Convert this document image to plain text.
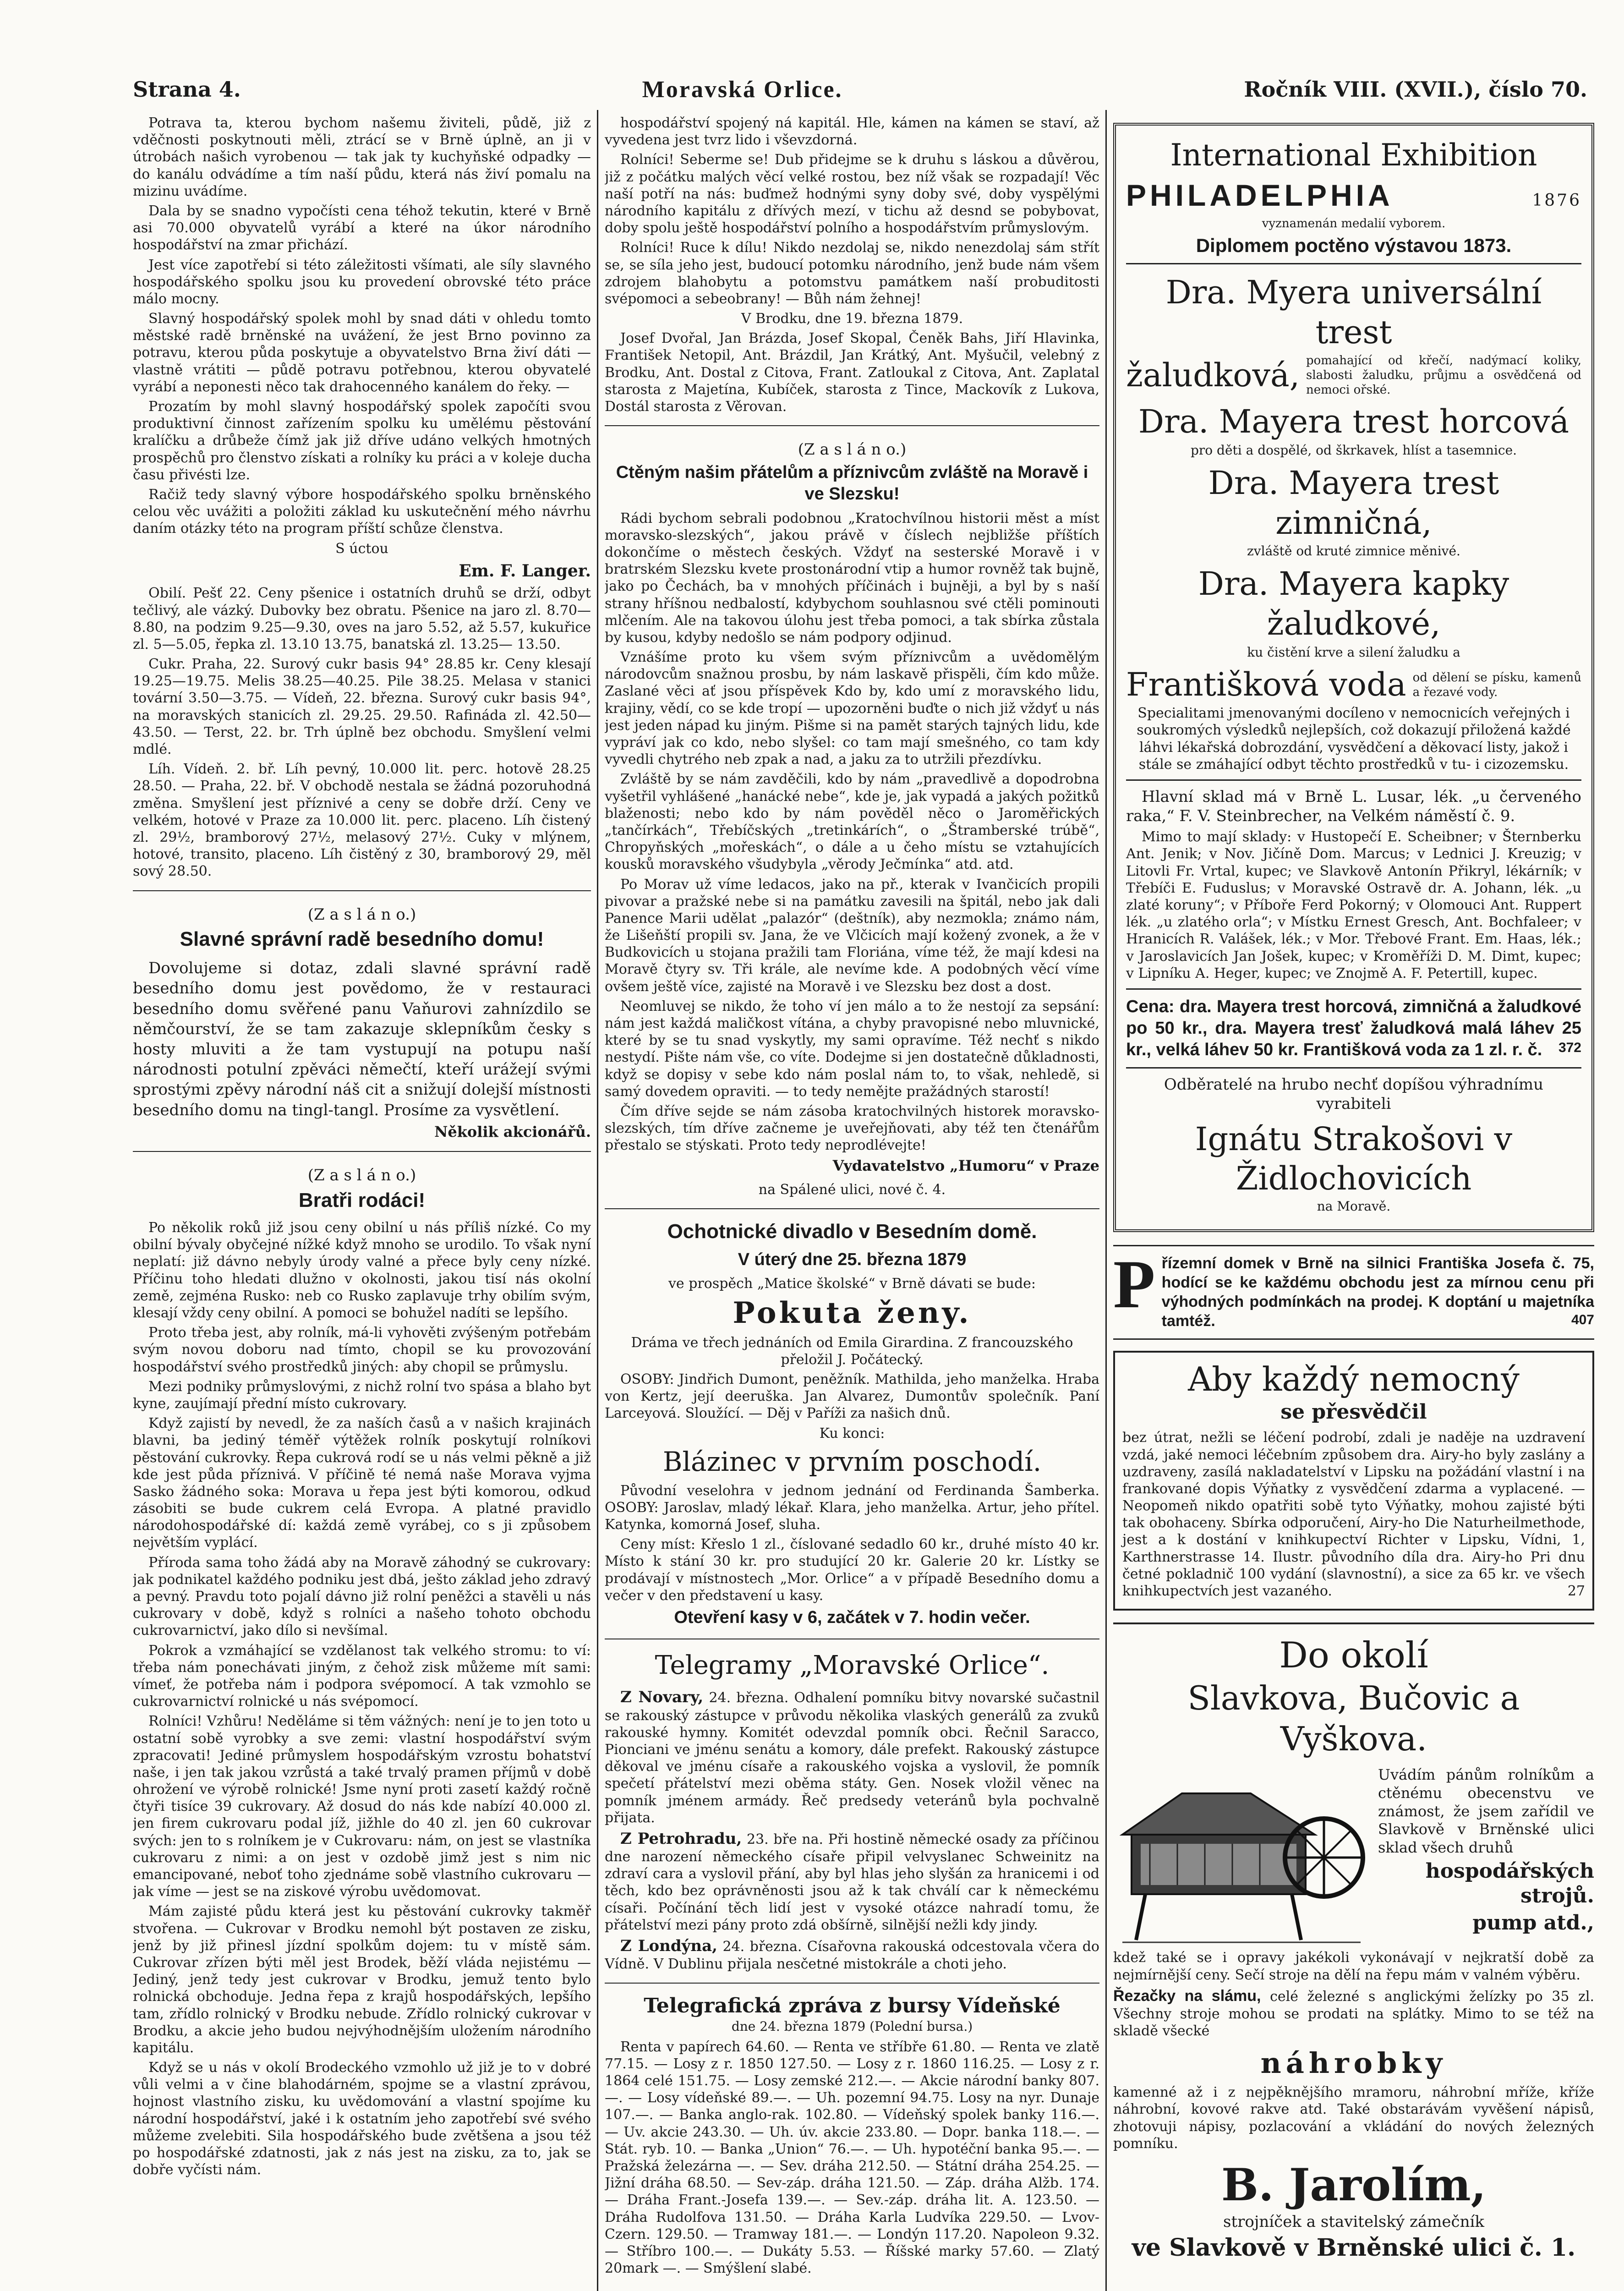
Strana 4.	Moravská Orlice.	Ročník VIII. (XVII.), číslo 70.

Potrava ta, kterou bychom našemu živiteli, půdě, již z vděčnosti poskytnouti měli, ztrácí se v Brně úplně, an ji v útrobách našich vyrobenou — tak jak ty kuchyňské odpadky — do kanálu odvádíme a tím naší půdu, která nás živí pomalu na mizinu uvádíme.

Dala by se snadno vypočísti cena téhož tekutin, které v Brně asi 70.000 obyvatelů vyrábí a které na úkor národního hospodářství na zmar přichází.

Jest více zapotřebí si této záležitosti všímati, ale síly slavného hospodářského spolku jsou ku provedení obrovské této práce málo mocny.

Slavný hospodářský spolek mohl by snad dáti v ohledu tomto městské radě brněnské na uvážení, že jest Brno povinno za potravu, kterou půda poskytuje a obyvatelstvo Brna živí dáti — vlastně vrátiti — půdě potravu potřebnou, kterou obyvatelé vyrábí a neponesti něco tak drahocenného kanálem do řeky. —

Prozatím by mohl slavný hospodářský spolek započíti svou produktivní činnost zařízením spolku ku umělému pěstování kralíčku a drůbeže čímž jak již dříve udáno velkých hmotných prospěchů pro členstvo získati a rolníky ku práci a v koleje ducha času přivésti lze.

Račiž tedy slavný výbore hospodářského spolku brněnského celou věc uvážiti a položiti základ ku uskutečnění mého návrhu daním otázky této na program příští schůze členstva.

S úctou

Em. F. Langer.

Obilí. Pešť 22. Ceny pšenice i ostatních druhů se drží, odbyt tečlivý, ale vázký. Dubovky bez obratu. Pšenice na jaro zl. 8.70—8.80, na podzim 9.25—9.30, oves na jaro 5.52, až 5.57, kukuřice zl. 5—5.05, řepka zl. 13.10 13.75, banatská zl. 13.25— 13.50.

Cukr. Praha, 22. Surový cukr basis 94° 28.85 kr. Ceny klesají 19.25—19.75. Melis 38.25—40.25. Pile 38.25. Melasa v stanici tovární 3.50—3.75. — Vídeň, 22. března. Surový cukr basis 94°, na moravských stanicích zl. 29.25. 29.50. Rafináda zl. 42.50—43.50. — Terst, 22. br. Trh úplně bez obchodu. Smyšlení velmi mdlé.

Líh. Vídeň. 2. bř. Líh pevný, 10.000 lit. perc. hotově 28.25 28.50. — Praha, 22. bř. V obchodě nestala se žádná pozoruhodná změna. Smyšlení jest příznivé a ceny se dobře drží. Ceny ve velkém, hotové v Praze za 10.000 lit. perc. placeno. Líh čistený zl. 29½, bramborový 27½, melasový 27½. Cuky v mlýnem, hotové, transito, placeno. Líh čistěný z 30, bramborový 29, měl sový 28.50.

(Z a s l á n o.)
Slavné správní radě besedního domu!

Dovolujeme si dotaz, zdali slavné správní radě besedního domu jest povědomo, že v restauraci besedního domu svěřené panu Vaňurovi zahnízdilo se němčourství, že se tam zakazuje sklepníkům česky s hosty mluviti a že tam vystupují na potupu naší národnosti potulní zpěváci němečtí, kteří urážejí svými sprostými zpěvy národní náš cit a snižují dolejší místnosti besedního domu na tingl-tangl. Prosíme za vysvětlení.

Několik akcionářů.

(Z a s l á n o.)
Bratři rodáci!

Po několik roků již jsou ceny obilní u nás příliš nízké. Co my obilní bývaly obyčejné nížké když mnoho se urodilo. To však nyní neplatí: již dávno nebyly úrody valné a přece byly ceny nízké. Příčinu toho hledati dlužno v okolnosti, jakou tisí nás okolní země, zejména Rusko: neb co Rusko zaplavuje trhy obilím svým, klesají vždy ceny obilní. A pomoci se bohužel nadíti se lepšího.

Proto třeba jest, aby rolník, má-li vyhověti zvýšeným potřebám svým novou doboru nad tímto, chopil se ku provozování hospodářství svého prostředků jiných: aby chopil se průmyslu.

Mezi podniky průmyslovými, z nichž rolní tvo spása a blaho byt kyne, zaujímají přední místo cukrovary.

Když zajistí by nevedl, že za naších časů a v našich krajinách blavni, ba jediný téměř výtěžek rolník poskytují rolníkovi pěstování cukrovky. Řepa cukrová rodí se u nás velmi pěkně a již kde jest půda příznivá. V příčině té nemá naše Morava vyjma Sasko žádného soka: Morava u řepa jest býti komorou, odkud zásobiti se bude cukrem celá Evropa. A platné pravidlo národohospodářské dí: každá země vyrábej, co s ji způsobem největším vyplácí.

Příroda sama toho žádá aby na Moravě záhodný se cukrovary: jak podnikatel každého podniku jest dbá, ješto základ jeho zdravý a pevný. Pravdu toto pojalí dávno již rolní peněžci a stavěli u nás cukrovary v době, když s rolníci a našeho tohoto obchodu cukrovarnictví, jako dílo si nevšímal.

Pokrok a vzmáhající se vzdělanost tak velkého stromu: to ví: třeba nám ponechávati jiným, z čehož zisk můžeme mít sami: vímeť, že potřeba nám i podpora svépomocí. A tak vzmohlo se cukrovarnictví rolnické u nás svépomocí.

Rolníci! Vzhůru! Neděláme si těm vážných: není je to jen toto u ostatní sobě vyrobky a sve zemi: vlastní hospodářství svým zpracovati! Jediné průmyslem hospodářským vzrostu bohatství naše, i jen tak jakou vzrůstá a také trvalý pramen příjmů v době ohrožení ve výrobě rolnické! Jsme nyní proti zasetí každý ročně čtyři tisíce 39 cukrovary. Až dosud do nás kde nabízí 40.000 zl. jen firem cukrovaru podal jíž, jižhle do 40 zl. jen 60 cukrovar svých: jen to s rolníkem je v Cukrovaru: nám, on jest se vlastníka cukrovaru z nimi: a on jest v ozdobě jimž jest s nim nic emancipované, neboť toho zjednáme sobě vlastního cukrovaru — jak víme — jest se na ziskové výrobu uvědomovat.

Mám zajisté půdu která jest ku pěstování cukrovky takměř stvořena. — Cukrovar v Brodku nemohl být postaven ze zisku, jenž by již přinesl jízdní spolkům dojem: tu v místě sám. Cukrovar zřízen býti měl jest Brodek, běží vláda nejistému — Jediný, jenž tedy jest cukrovar v Brodku, jemuž tento bylo rolnická obchoduje. Jedna řepa z krajů hospodářských, lepšího tam, zřídlo rolnický v Brodku nebude. Zřídlo rolnický cukrovar v Brodku, a akcie jeho budou nejvýhodnějším uložením národního kapitálu.

Když se u nás v okolí Brodeckého vzmohlo už již je to v dobré vůli velmi a v čine blahodárném, spojme se a vlastní zprávou, hojnost vlastního zisku, ku uvědomování a vlastní spojíme ku národní hospodářství, jaké i k ostatním jeho zapotřebí své svého můžeme zvelebiti. Sila hospodářského bude zvětšena a jsou též po hospodářské zdatnosti, jak z nás jest na zisku, za to, jak se dobře vyčísti nám.

hospodářství spojený ná kapitál. Hle, kámen na kámen se staví, až vyvedena jest tvrz lido i vševzdorná.

Rolníci! Seberme se! Dub přidejme se k druhu s láskou a důvěrou, již z počátku malých věcí velké rostou, bez níž však se rozpadají! Věc naší potří na nás: buďmež hodnými syny doby své, doby vyspělými národního kapitálu z dřívých mezí, v tichu až desnd se pobybovat, doby spolu ještě hospodářství polního a hospodářstvím průmyslovým.

Rolníci! Ruce k dílu! Nikdo nezdolaj se, nikdo nenezdolaj sám střít se, se síla jeho jest, budoucí potomku národního, jenž bude nám všem zdrojem blahobytu a potomstvu památkem naší probuditosti svépomoci a sebeobrany! — Bůh nám žehnej!

V Brodku, dne 19. března 1879.

Josef Dvořal, Jan Brázda, Josef Skopal, Čeněk Bahs, Jiří Hlavinka, František Netopil, Ant. Brázdil, Jan Krátký, Ant. Myšučil, velebný z Brodku, Ant. Dostal z Citova, Frant. Zatloukal z Citova, Ant. Zaplatal starosta z Majetína, Kubíček, starosta z Tince, Mackovík z Lukova, Dostál starosta z Věrovan.

(Z a s l á n o.)
Ctěným našim přátelům a příznivcům zvláště na Moravě i ve Slezsku!

Rádi bychom sebrali podobnou „Kratochvílnou historii měst a míst moravsko-slezských“, jakou právě v číslech nejbližše příštích dokončíme o městech českých. Vždyť na sesterské Moravě i v bratrském Slezsku kvete prostonárodní vtip a humor rovněž tak bujně, jako po Čechách, ba v mnohých příčinách i bujněji, a byl by s naší strany hříšnou nedbalostí, kdybychom souhlasnou své ctěli pominouti mlčením. Ale na takovou úlohu jest třeba pomoci, a tak sbírka zůstala by kusou, kdyby nedošlo se nám podpory odjinud.

Vznášíme proto ku všem svým příznivcům a uvědomělým národovcům snažnou prosbu, by nám laskavě přispěli, čím kdo může. Zaslané věci ať jsou příspěvek Kdo by, kdo umí z moravského lidu, krajiny, vědí, co se kde tropí — upozorněni buďte o nich již vždyť u nás jest jeden nápad ku jiným. Pišme si na pamět starých tajných lidu, kde vypráví jak co kdo, nebo slyšel: co tam mají smešného, co tam kdy vyvedli chytrého neb zpak a nad, a jaku za to utržili přezdívku.

Zvláště by se nám zavděčili, kdo by nám „pravedlivě a dopodrobna vyšetřil vyhlášené „hanácké nebe“, kde je, jak vypadá a jakých požitků blaženosti; nebo kdo by nám pověděl něco o Jaroměřických „tančírkách“, Třebíčských „tretinkárích“, o „Štramberské trúbě“, Chropyňských „mořeskách“, o dále a u čeho místu se vztahujících kousků moravského všudybyla „věrody Ječmínka“ atd. atd.

Po Morav už víme ledacos, jako na př., kterak v Ivančicích propili pivovar a pražské nebe si na památku zavesili na špitál, nebo jak dali Panence Marii udělat „palazór“ (deštník), aby nezmokla; známo nám, že Lišeňští propili sv. Jana, že ve Vlčicích mají kožený zvonek, a že v Budkovicích u stojana pražili tam Floriána, víme též, že mají kdesi na Moravě čtyry sv. Tři krále, ale nevíme kde. A podobných věcí víme ovšem ještě více, zajisté na Moravě i ve Slezsku bez dost a dost.

Neomluvej se nikdo, že toho ví jen málo a to že nestojí za sepsání: nám jest každá maličkost vítána, a chyby pravopisné nebo mluvnické, které by se tu snad vyskytly, my sami opravíme. Též nechť s nikdo nestydí. Pište nám vše, co víte. Dodejme si jen dostatečně důkladnosti, když se dopisy v sebe kdo nám poslal nám to, to však, nehledě, si samý dovedem opraviti. — to tedy nemějte pražádných starostí!

Čím dříve sejde se nám zásoba kratochvilných historek moravsko-slezských, tím dříve začneme je uveřejňovati, aby též ten čtenářům přestalo se stýskati. Proto tedy neprodlévejte!

Vydavatelstvo „Humoru“ v Praze

na Spálené ulici, nové č. 4.

Ochotnické divadlo v Besedním domě.
V úterý dne 25. března 1879

ve prospěch „Matice školské“ v Brně dávati se bude:

Pokuta ženy.

Dráma ve třech jednáních od Emila Girardina. Z francouzského přeložil J. Počátecký.

OSOBY: Jindřich Dumont, peněžník. Mathilda, jeho manželka. Hraba von Kertz, její deeruška. Jan Alvarez, Dumontův společník. Paní Larceyová. Sloužící. — Děj v Paříži za našich dnů.

Ku konci:

Blázinec v prvním poschodí.

Původní veselohra v jednom jednání od Ferdinanda Šamberka. OSOBY: Jaroslav, mladý lékař. Klara, jeho manželka. Artur, jeho přítel. Katynka, komorná Josef, sluha.

Ceny míst: Křeslo 1 zl., číslované sedadlo 60 kr., druhé místo 40 kr. Místo k stání 30 kr. pro studující 20 kr. Galerie 20 kr. Lístky se prodávají v místnostech „Mor. Orlice“ a v případě Besedního domu a večer v den představení u kasy.

Otevření kasy v 6, začátek v 7. hodin večer.
Telegramy „Moravské Orlice“.

Z Novary, 24. března. Odhalení pomníku bitvy novarské sučastnil se rakouský zástupce v průvodu několika vlaských generálů za zvuků rakouské hymny. Komitét odevzdal pomník obci. Řečnil Saracco, Pionciani ve jménu senátu a komory, dále prefekt. Rakouský zástupce děkoval ve jménu císaře a rakouského vojska a vyslovil, že pomník spečetí přátelství mezi oběma státy. Gen. Nosek vložil věnec na pomník jménem armády. Řeč predsedy veteránů byla pochvalně přijata.

Z Petrohradu, 23. bře na. Při hostině německé osady za příčinou dne narození německého císaře připil velvyslanec Schweinitz na zdraví cara a vyslovil přání, aby byl hlas jeho slyšán za hranicemi i od těch, kdo bez oprávněnosti jsou až k tak chválí car k německému císaři. Počínání těch lidí jest v vysoké otázce nahradí tomu, že přátelství mezi pány proto zdá obšírně, silnější nežli kdy jindy.

Z Londýna, 24. března. Císařovna rakouská odcestovala včera do Vídně. V Dublinu přijala nesčetné mistokrále a choti jeho.

Telegrafická zpráva z bursy Vídeňské
dne 24. března 1879 (Polední bursa.)

Renta v papírech 64.60. — Renta ve stříbře 61.80. — Renta ve zlatě 77.15. — Losy z r. 1850 127.50. — Losy z r. 1860 116.25. — Losy z r. 1864 celé 151.75. — Losy zemské 212.—. — Akcie národní banky 807.—. — Losy vídeňské 89.—. — Uh. pozemní 94.75. Losy na nyr. Dunaje 107.—. — Banka anglo-rak. 102.80. — Vídeňský spolek banky 116.—. — Uv. akcie 243.30. — Uh. úv. akcie 233.80. — Dopr. banka 118.—. — Stát. ryb. 10. — Banka „Union“ 76.—. — Uh. hypotéční banka 95.—. — Pražská železárna —. — Sev. dráha 212.50. — Státní dráha 254.25. — Jižní dráha 68.50. — Sev-záp. dráha 121.50. — Záp. dráha Alžb. 174. — Dráha Frant.-Josefa 139.—. — Sev.-záp. dráha lit. A. 123.50. — Dráha Rudolfova 131.50. — Dráha Karla Ludvíka 229.50. — Lvov-Czern. 129.50. — Tramway 181.—. — Londýn 117.20. Napoleon 9.32. — Stříbro 100.—. — Dukáty 5.53. — Říšské marky 57.60. — Zlatý 20mark —. — Smýšlení slabé.

International Exhibition
PHILADELPHIA	1876
vyznamenán medalií vyborem.
Diplomem poctěno výstavou 1873.
Dra. Myera universální trest
žaludková, pomahající od křečí, nadýmací koliky, slabosti žaludku, průjmu a osvědčená od nemoci ořské.
Dra. Mayera trest horcová
pro děti a dospělé, od škrkavek, hlíst a tasemnice.
Dra. Mayera trest zimničná,
zvláště od kruté zimnice měnivé.
Dra. Mayera kapky žaludkové,
ku čistění krve a silení žaludku a
Františková voda od dělení se písku, kamenů a řezavé vody.

Specialitami jmenovanými docíleno v nemocnicích veřejných i soukromých výsledků nejlepších, což dokazují přiložená každé láhvi lékařská dobrozdání, vysvědčení a děkovací listy, jakož i stále se zmáhající odbyt těchto prostředků v tu- i cizozemsku.

Hlavní sklad má v Brně L. Lusar, lék. „u červeného raka,“ F. V. Steinbrecher, na Velkém náměstí č. 9.

Mimo to mají sklady: v Hustopečí E. Scheibner; v Šternberku Ant. Jenik; v Nov. Jičíně Dom. Marcus; v Lednici J. Kreuzig; v Litovli Fr. Vrtal, kupec; ve Slavkově Antonín Přikryl, lékárník; v Třebíči E. Fuduslus; v Moravské Ostravě dr. A. Johann, lék. „u zlaté koruny“; v Příboře Ferd Pokorný; v Olomouci Ant. Ruppert lék. „u zlatého orla“; v Místku Ernest Gresch, Ant. Bochfaleer; v Hranicích R. Valášek, lék.; v Mor. Třebové Frant. Em. Haas, lék.; v Jaroslavicích Jan Jošek, kupec; v Kroměříži D. M. Dimt, kupec; v Lipníku A. Heger, kupec; ve Znojmě A. F. Petertill, kupec.

Cena: dra. Mayera trest horcová, zimničná a žaludkové po 50 kr., dra. Mayera tresť žaludková malá láhev 25 kr., velká láhev 50 kr. Františková voda za 1 zl. r. č. 372

Odběratelé na hrubo nechť dopíšou výhradnímu vyrabiteli

Ignátu Strakošovi v Židlochovicích
na Moravě.
P řízemní domek v Brně na silnici Františka Josefa č. 75, hodící se ke každému obchodu jest za mírnou cenu při výhodných podmínkách na prodej. K doptání u majetníka tamtéž.	407
Aby každý nemocný
se přesvědčil

bez útrat, nežli se léčení podrobí, zdali je naděje na uzdravení vzdá, jaké nemoci léčebním způsobem dra. Airy-ho byly zaslány a uzdraveny, zasílá nakladatelství v Lipsku na požádání vlastní i na frankované dopis Výňatky z vysvědčení zdarma a vyplacené. — Neopomeň nikdo opatřiti sobě tyto Výňatky, mohou zajisté býti tak obohaceny. Sbírka odporučení, Airy-ho Die Naturheilmethode, jest a k dostání v knihkupectví Richter v Lipsku, Vídni, 1, Karthnerstrasse 14. Ilustr. původního díla dra. Airy-ho Pri dnu četné pokladnič 100 vydání (slavnostní), a sice za 65 kr. ve všech knihkupectvích jest vazaného.	27

Do okolí
Slavkova, Bučovic a Vyškova.
Uvádím pánům rolníkům a ctěnému obecenstvu ve známost, že jsem zařídil ve Slavkově v Brněnské ulici sklad všech druhů
hospodářských strojů.
pump atd.,

kdež také se i opravy jakékoli vykonávají v nejkratší době za nejmírnější ceny. Sečí stroje na dělí na řepu mám v valném výběru.

Řezačky na slámu, celé železné s anglickými želízky po 35 zl. Všechny stroje mohou se prodati na splátky. Mimo to se též na skladě všecké

náhrobky

kamenné až i z nejpěknějšího mramoru, náhrobní mříže, kříže náhrobní, kovové rakve atd. Také obstarávám vyvěšení nápisů, zhotovuji nápisy, pozlacování a vkládání do nových železných pomníku.

B. Jarolím,
strojníček a stavitelský zámečník
ve Slavkově v Brněnské ulici č. 1.
